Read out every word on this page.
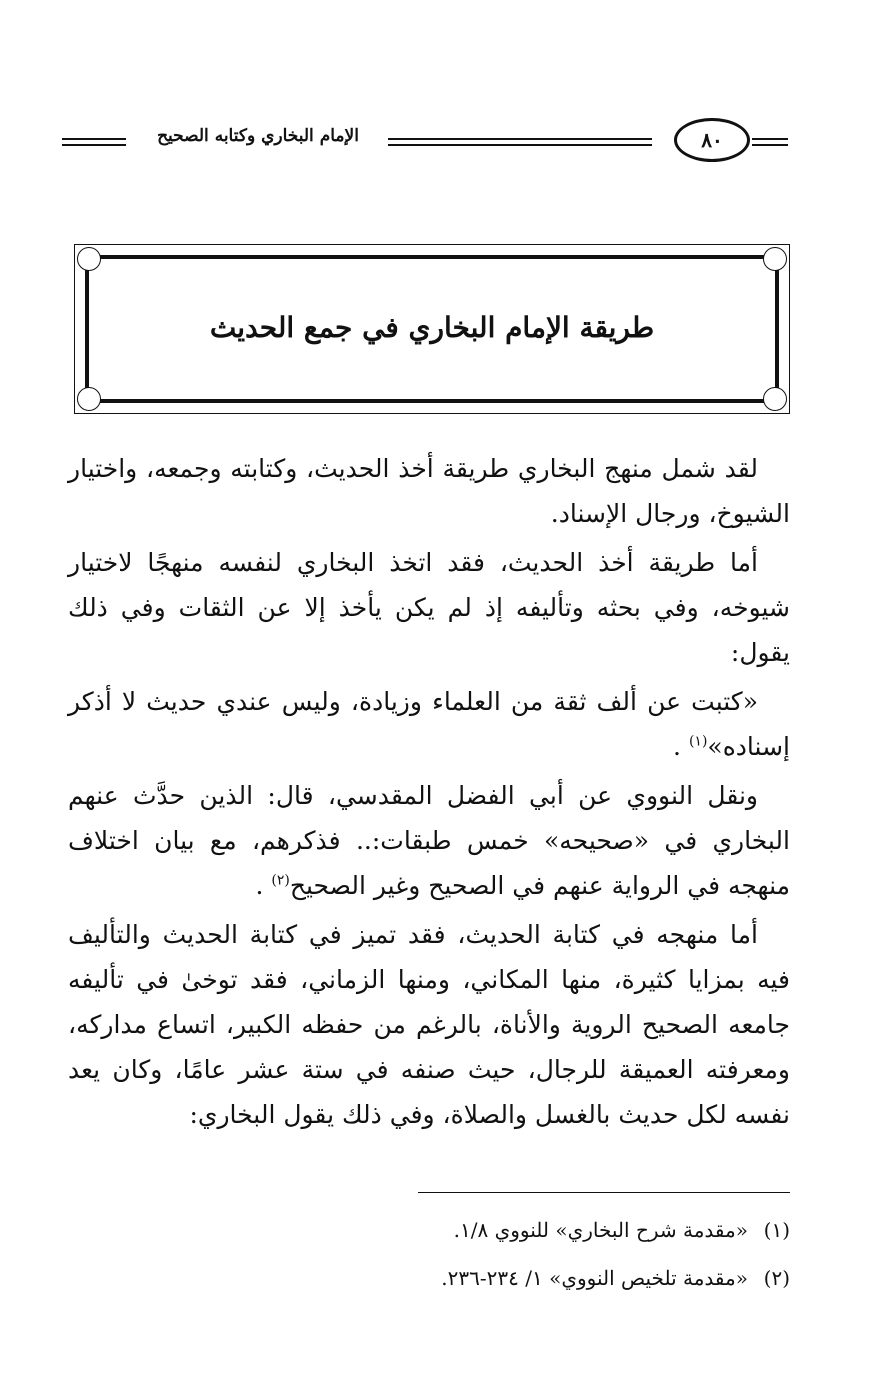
الإمام البخاري وكتابه الصحيح	٨٠
طريقة الإمام البخاري في جمع الحديث

لقد شمل منهج البخاري طريقة أخذ الحديث، وكتابته وجمعه، واختيار الشيوخ، ورجال الإسناد.

أما طريقة أخذ الحديث، فقد اتخذ البخاري لنفسه منهجًا لاختيار شيوخه، وفي بحثه وتأليفه إذ لم يكن يأخذ إلا عن الثقات وفي ذلك يقول:

«كتبت عن ألف ثقة من العلماء وزيادة، وليس عندي حديث لا أذكر إسناده»$^{(١)}$ .

ونقل النووي عن أبي الفضل المقدسي، قال: الذين حدَّث عنهم البخاري في «صحيحه» خمس طبقات:.. فذكرهم، مع بيان اختلاف منهجه في الرواية عنهم في الصحيح وغير الصحيح$^{(٢)}$ .

أما منهجه في كتابة الحديث، فقد تميز في كتابة الحديث والتأليف فيه بمزايا كثيرة، منها المكاني، ومنها الزماني، فقد توخىٰ في تأليفه جامعه الصحيح الروية والأناة، بالرغم من حفظه الكبير، اتساع مداركه، ومعرفته العميقة للرجال، حيث صنفه في ستة عشر عامًا، وكان يعد نفسه لكل حديث بالغسل والصلاة، وفي ذلك يقول البخاري:

(١)«مقدمة شرح البخاري» للنووي ١/٨.
(٢)«مقدمة تلخيص النووي» ١/ ٢٣٤-٢٣٦.
